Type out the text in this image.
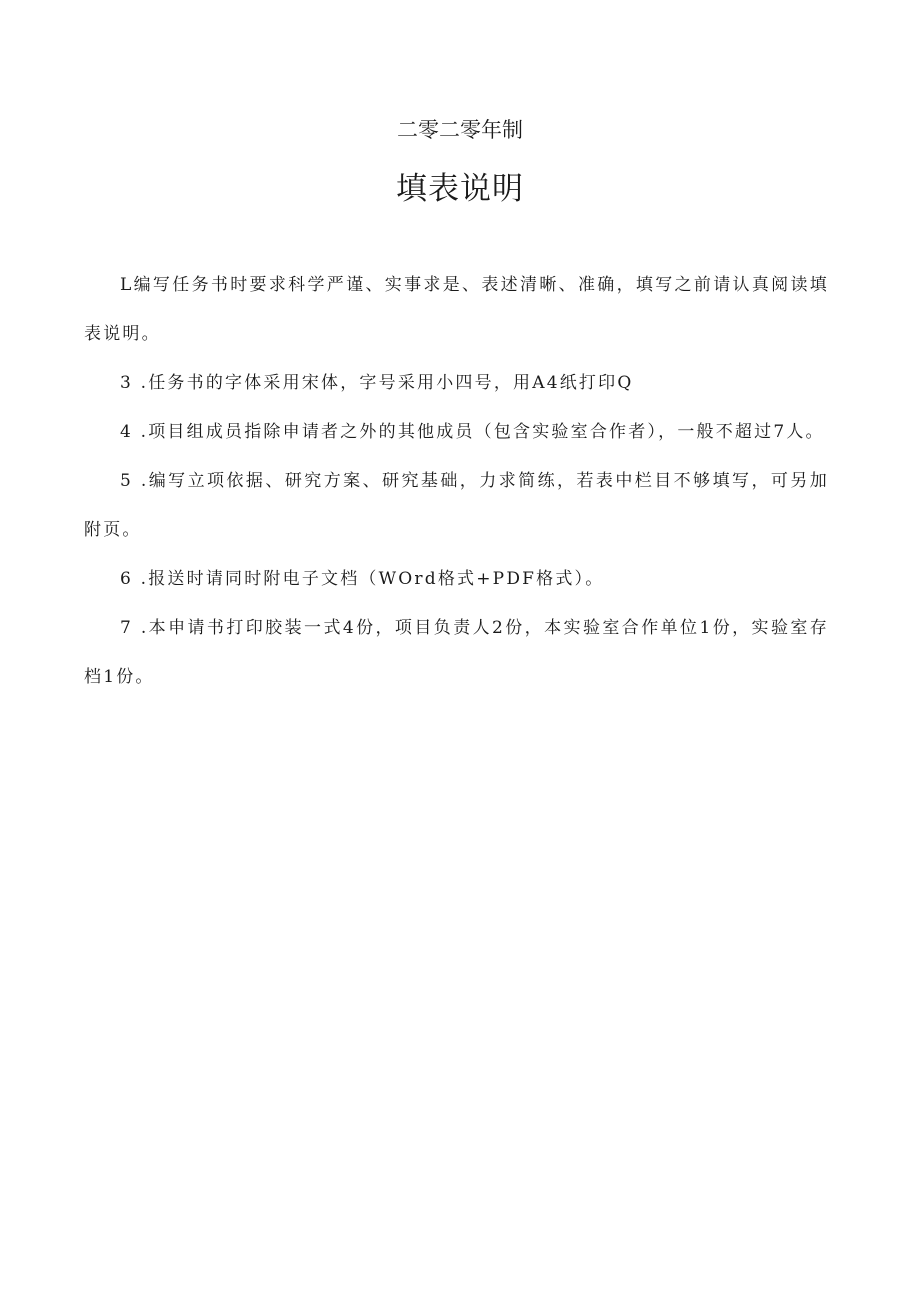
二零二零年制
填表说明

L编写任务书时要求科学严谨、实事求是、表述清晰、准确，填写之前请认真阅读填表说明。

3 .任务书的字体采用宋体，字号采用小四号，用A4纸打印Q

4 .项目组成员指除申请者之外的其他成员（包含实验室合作者），一般不超过7人。

5 .编写立项依据、研究方案、研究基础，力求简练，若表中栏目不够填写，可另加附页。

6 .报送时请同时附电子文档（WOrd格式+PDF格式）。

7 .本申请书打印胶装一式4份，项目负责人2份，本实验室合作单位1份，实验室存档1份。
